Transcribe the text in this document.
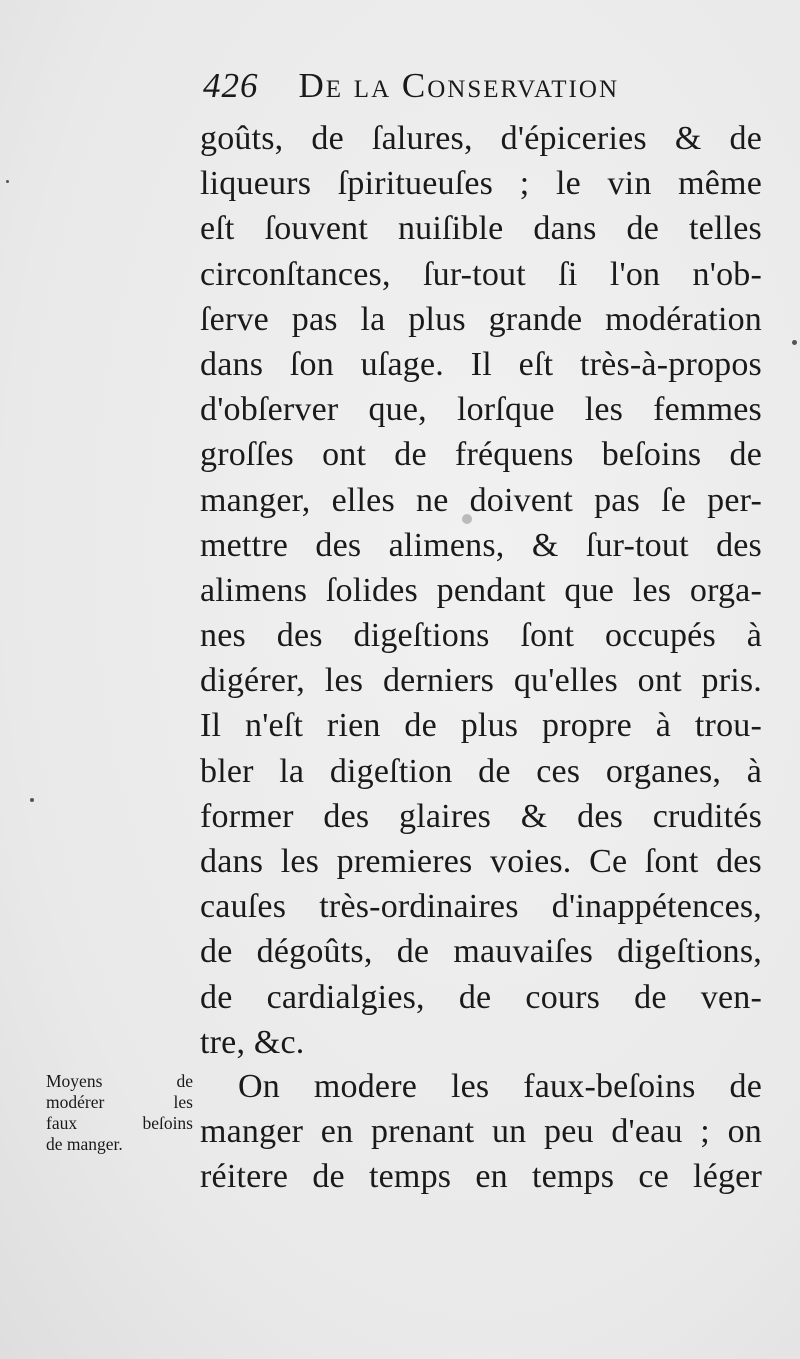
426 De la Conservation
goûts, de ſalures, d'épiceries & de
liqueurs ſpiritueuſes ; le vin même
eſt ſouvent nuiſible dans de telles
circonſtances, ſur-tout ſi l'on n'ob-
ſerve pas la plus grande modération
dans ſon uſage. Il eſt très-à-propos
d'obſerver que, lorſque les femmes
groſſes ont de fréquens beſoins de
manger, elles ne doivent pas ſe per-
mettre des alimens, & ſur-tout des
alimens ſolides pendant que les orga-
nes des digeſtions ſont occupés à
digérer, les derniers qu'elles ont pris.
Il n'eſt rien de plus propre à trou-
bler la digeſtion de ces organes, à
former des glaires & des crudités
dans les premieres voies. Ce ſont des
cauſes très-ordinaires d'inappétences,
de dégoûts, de mauvaiſes digeſtions,
de cardialgies, de cours de ven-
tre, &c.
Moyens de
modérer les
faux beſoins
de manger.
On modere les faux-beſoins de
manger en prenant un peu d'eau ; on
réitere de temps en temps ce léger
